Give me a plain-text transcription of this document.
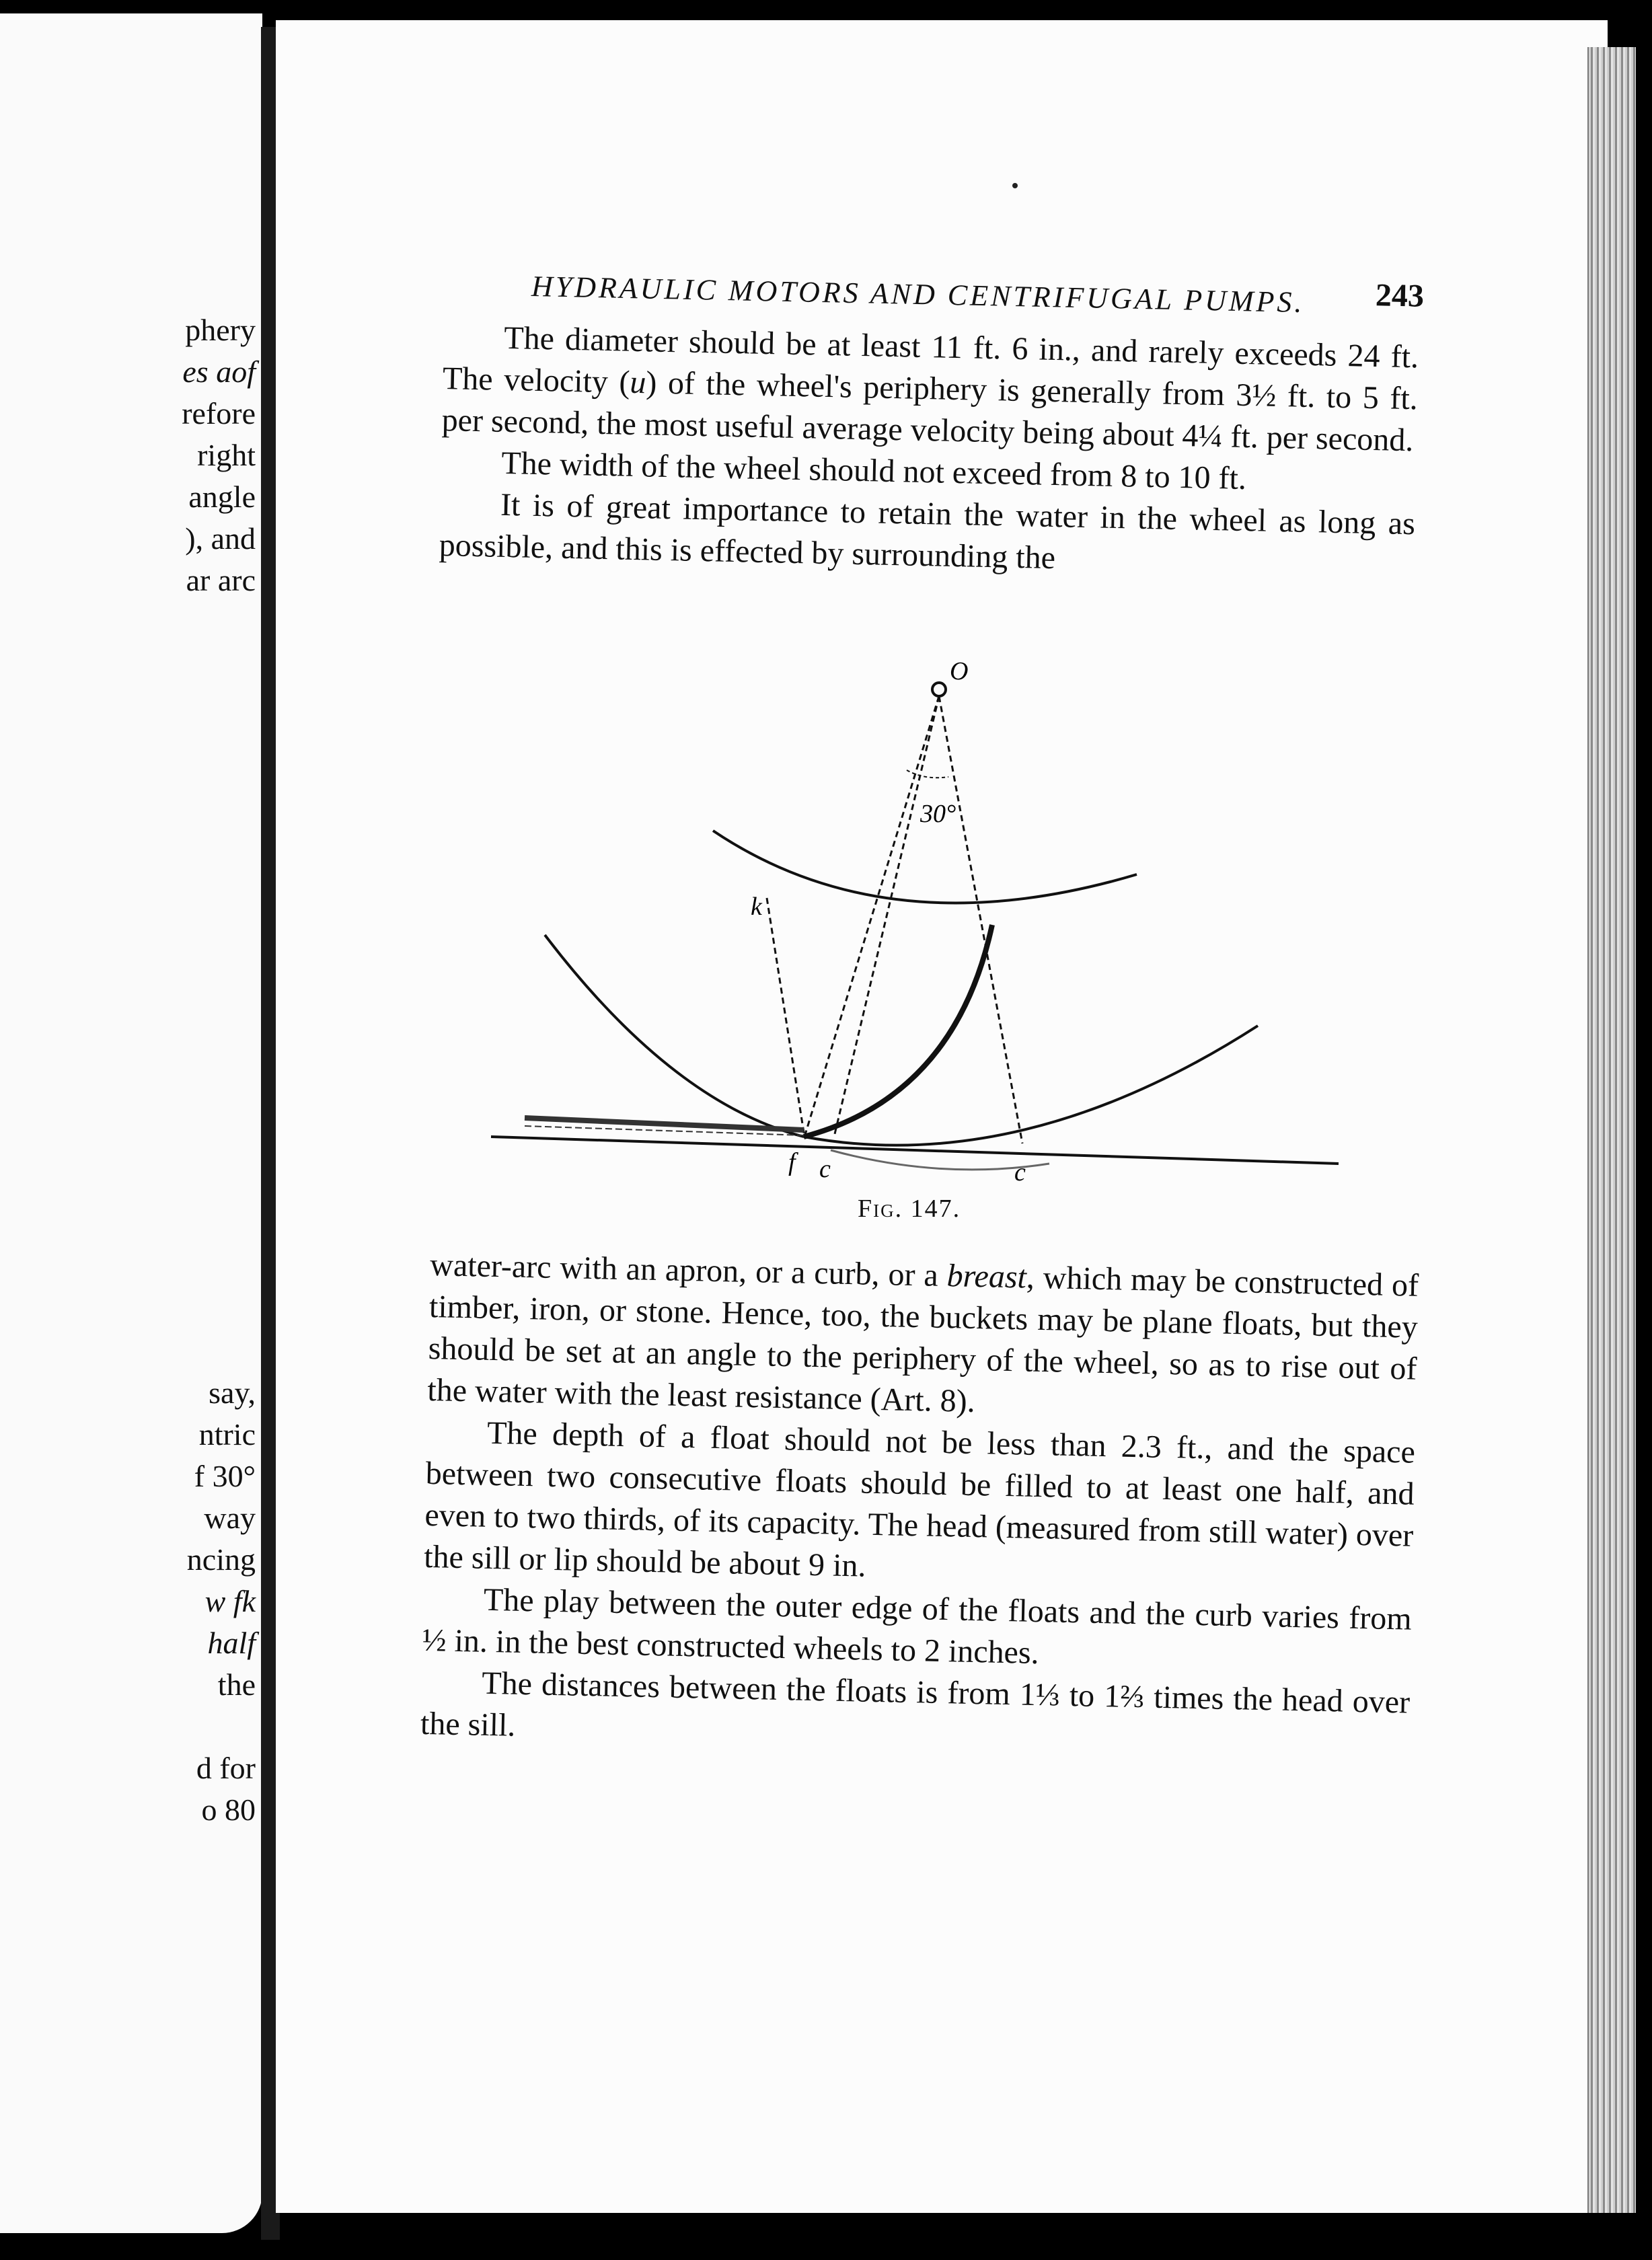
phery
es aof
refore
right
angle
), and
ar arc
say,
ntric
f 30°
way
ncing
w fk
half
the
d for
o 80
HYDRAULIC MOTORS AND CENTRIFUGAL PUMPS.	243

The diameter should be at least 11 ft. 6 in., and rarely exceeds 24 ft. The velocity (u) of the wheel's periphery is generally from 3½ ft. to 5 ft. per second, the most useful average velocity being about 4¼ ft. per second.

The width of the wheel should not exceed from 8 to 10 ft.

It is of great importance to retain the water in the wheel as long as possible, and this is effected by surrounding the

30°
k
f c	c
O
Fig. 147.

water-arc with an apron, or a curb, or a breast, which may be constructed of timber, iron, or stone. Hence, too, the buckets may be plane floats, but they should be set at an angle to the periphery of the wheel, so as to rise out of the water with the least resistance (Art. 8).

The depth of a float should not be less than 2.3 ft., and the space between two consecutive floats should be filled to at least one half, and even to two thirds, of its capacity. The head (measured from still water) over the sill or lip should be about 9 in.

The play between the outer edge of the floats and the curb varies from ½ in. in the best constructed wheels to 2 inches.

The distances between the floats is from 1⅓ to 1⅔ times the head over the sill.
